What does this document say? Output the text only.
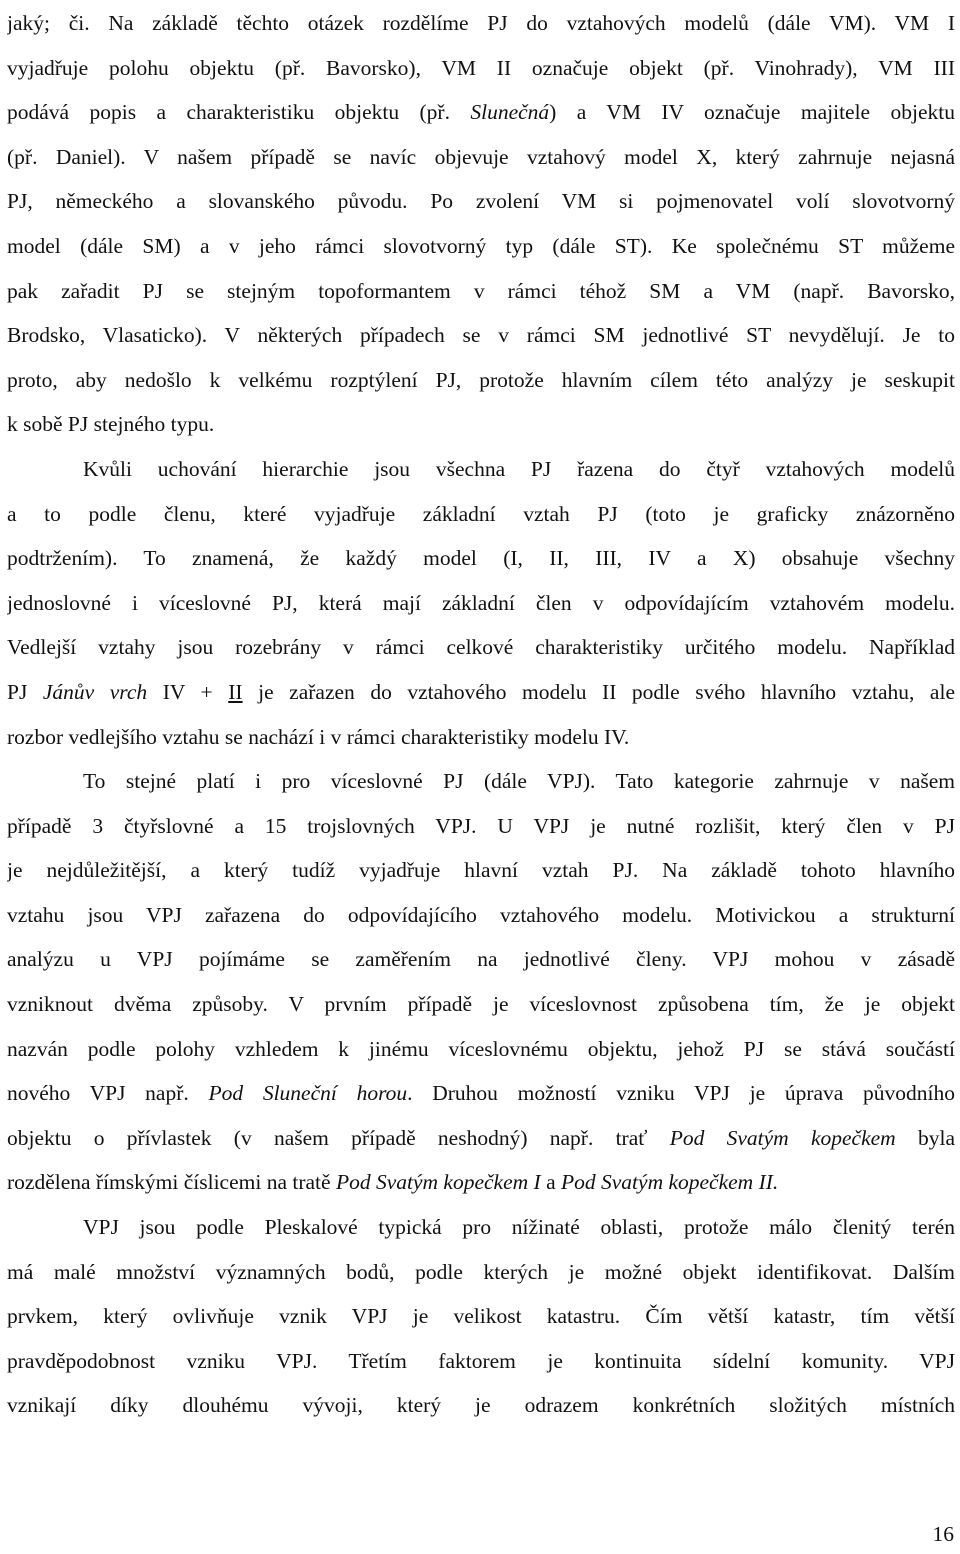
jaký; či. Na základě těchto otázek rozdělíme PJ do vztahových modelů (dále VM). VM I
vyjadřuje polohu objektu (př. Bavorsko), VM II označuje objekt (př. Vinohrady), VM III
podává popis a charakteristiku objektu (př. Slunečná) a VM IV označuje majitele objektu
(př. Daniel). V našem případě se navíc objevuje vztahový model X, který zahrnuje nejasná
PJ, německého a slovanského původu. Po zvolení VM si pojmenovatel volí slovotvorný
model (dále SM) a v jeho rámci slovotvorný typ (dále ST). Ke společnému ST můžeme
pak zařadit PJ se stejným topoformantem v rámci téhož SM a VM (např. Bavorsko,
Brodsko, Vlasaticko). V některých případech se v rámci SM jednotlivé ST nevydělují. Je to
proto, aby nedošlo k velkému rozptýlení PJ, protože hlavním cílem této analýzy je seskupit
k sobě PJ stejného typu.
Kvůli uchování hierarchie jsou všechna PJ řazena do čtyř vztahových modelů
a to podle členu, které vyjadřuje základní vztah PJ (toto je graficky znázorněno
podtržením). To znamená, že každý model (I, II, III, IV a X) obsahuje všechny
jednoslovné i víceslovné PJ, která mají základní člen v odpovídajícím vztahovém modelu.
Vedlejší vztahy jsou rozebrány v rámci celkové charakteristiky určitého modelu. Například
PJ Jánův vrch IV + II je zařazen do vztahového modelu II podle svého hlavního vztahu, ale
rozbor vedlejšího vztahu se nachází i v rámci charakteristiky modelu IV.
To stejné platí i pro víceslovné PJ (dále VPJ). Tato kategorie zahrnuje v našem
případě 3 čtyřslovné a 15 trojslovných VPJ. U VPJ je nutné rozlišit, který člen v PJ
je nejdůležitější, a který tudíž vyjadřuje hlavní vztah PJ. Na základě tohoto hlavního
vztahu jsou VPJ zařazena do odpovídajícího vztahového modelu. Motivickou a strukturní
analýzu u VPJ pojímáme se zaměřením na jednotlivé členy. VPJ mohou v zásadě
vzniknout dvěma způsoby. V prvním případě je víceslovnost způsobena tím, že je objekt
nazván podle polohy vzhledem k jinému víceslovnému objektu, jehož PJ se stává součástí
nového VPJ např. Pod Sluneční horou. Druhou možností vzniku VPJ je úprava původního
objektu o přívlastek (v našem případě neshodný) např. trať Pod Svatým kopečkem byla
rozdělena římskými číslicemi na tratě Pod Svatým kopečkem I a Pod Svatým kopečkem II.
VPJ jsou podle Pleskalové typická pro nížinaté oblasti, protože málo členitý terén
má malé množství významných bodů, podle kterých je možné objekt identifikovat. Dalším
prvkem, který ovlivňuje vznik VPJ je velikost katastru. Čím větší katastr, tím větší
pravděpodobnost vzniku VPJ. Třetím faktorem je kontinuita sídelní komunity. VPJ
vznikají díky dlouhému vývoji, který je odrazem konkrétních složitých místních
16
